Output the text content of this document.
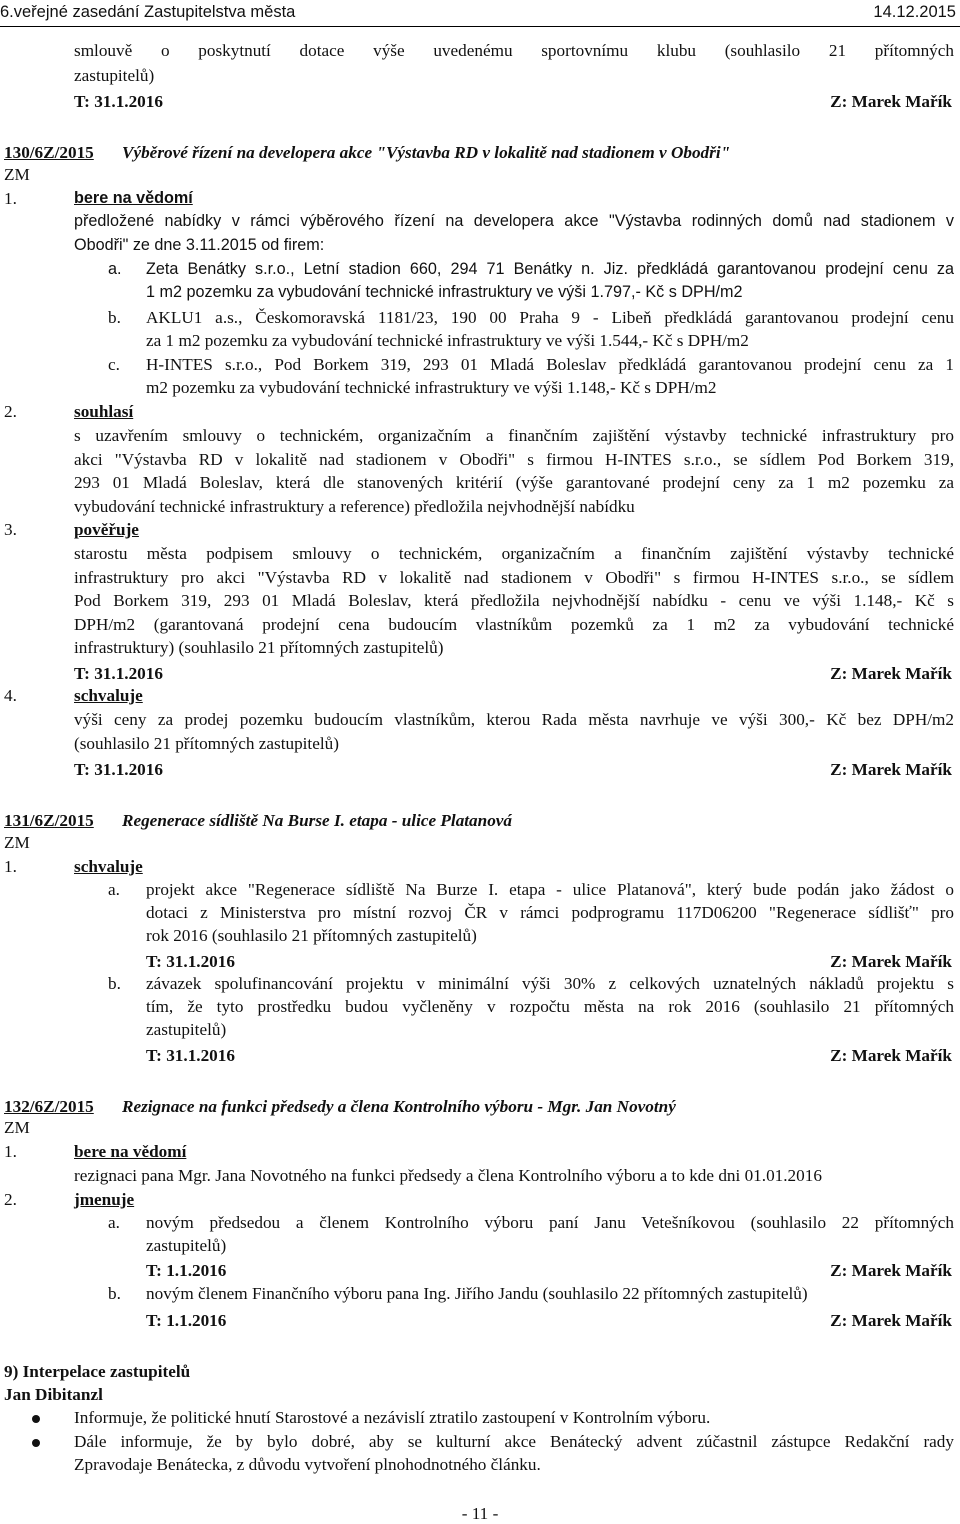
6.veřejné zasedání Zastupitelstva města	14.12.2015
smlouvě o poskytnutí dotace výše uvedenému sportovnímu klubu (souhlasilo 21 přítomných
zastupitelů)
T: 31.1.2016	Z: Marek Mařík
130/6Z/2015 Výběrové řízení na developera akce "Výstavba RD v lokalitě nad stadionem v Obodři"
ZM
1.	bere na vědomí
předložené nabídky v rámci výběrového řízení na developera akce "Výstavba rodinných domů nad stadionem v
Obodři" ze dne 3.11.2015 od firem:
a. Zeta Benátky s.r.o., Letní stadion 660, 294 71 Benátky n. Jiz. předkládá garantovanou prodejní cenu za
1 m2 pozemku za vybudování technické infrastruktury ve výši 1.797,- Kč s DPH/m2
b. AKLU1 a.s., Českomoravská 1181/23, 190 00 Praha 9 - Libeň předkládá garantovanou prodejní cenu
za 1 m2 pozemku za vybudování technické infrastruktury ve výši 1.544,- Kč s DPH/m2
c. H-INTES s.r.o., Pod Borkem 319, 293 01 Mladá Boleslav předkládá garantovanou prodejní cenu za 1
m2 pozemku za vybudování technické infrastruktury ve výši 1.148,- Kč s DPH/m2
2.	souhlasí
s uzavřením smlouvy o technickém, organizačním a finančním zajištění výstavby technické infrastruktury pro
akci "Výstavba RD v lokalitě nad stadionem v Obodři" s firmou H-INTES s.r.o., se sídlem Pod Borkem 319,
293 01 Mladá Boleslav, která dle stanovených kritérií (výše garantované prodejní ceny za 1 m2 pozemku za
vybudování technické infrastruktury a reference) předložila nejvhodnější nabídku
3.	pověřuje
starostu města podpisem smlouvy o technickém, organizačním a finančním zajištění výstavby technické
infrastruktury pro akci "Výstavba RD v lokalitě nad stadionem v Obodři" s firmou H-INTES s.r.o., se sídlem
Pod Borkem 319, 293 01 Mladá Boleslav, která předložila nejvhodnější nabídku - cenu ve výši 1.148,- Kč s
DPH/m2 (garantovaná prodejní cena budoucím vlastníkům pozemků za 1 m2 za vybudování technické
infrastruktury) (souhlasilo 21 přítomných zastupitelů)
T: 31.1.2016	Z: Marek Mařík
4.	schvaluje
výši ceny za prodej pozemku budoucím vlastníkům, kterou Rada města navrhuje ve výši 300,- Kč bez DPH/m2
(souhlasilo 21 přítomných zastupitelů)
T: 31.1.2016	Z: Marek Mařík
131/6Z/2015 Regenerace sídliště Na Burse I. etapa - ulice Platanová
ZM
1.	schvaluje
a. projekt akce "Regenerace sídliště Na Burze I. etapa - ulice Platanová", který bude podán jako žádost o
dotaci z Ministerstva pro místní rozvoj ČR v rámci podprogramu 117D06200 "Regenerace sídlišť" pro
rok 2016 (souhlasilo 21 přítomných zastupitelů)
T: 31.1.2016	Z: Marek Mařík
b. závazek spolufinancování projektu v minimální výši 30% z celkových uznatelných nákladů projektu s
tím, že tyto prostředku budou vyčleněny v rozpočtu města na rok 2016 (souhlasilo 21 přítomných
zastupitelů)
T: 31.1.2016	Z: Marek Mařík
132/6Z/2015 Rezignace na funkci předsedy a člena Kontrolního výboru - Mgr. Jan Novotný
ZM
1.	bere na vědomí
rezignaci pana Mgr. Jana Novotného na funkci předsedy a člena Kontrolního výboru a to kde dni 01.01.2016
2.	jmenuje
a. novým předsedou a členem Kontrolního výboru paní Janu Vetešníkovou (souhlasilo 22 přítomných
zastupitelů)
T: 1.1.2016	Z: Marek Mařík
b. novým členem Finančního výboru pana Ing. Jiřího Jandu (souhlasilo 22 přítomných zastupitelů)
T: 1.1.2016	Z: Marek Mařík
9) Interpelace zastupitelů
Jan Dibitanzl
Informuje, že politické hnutí Starostové a nezávislí ztratilo zastoupení v Kontrolním výboru.
Dále informuje, že by bylo dobré, aby se kulturní akce Benátecký advent zúčastnil zástupce Redakční rady
Zpravodaje Benátecka, z důvodu vytvoření plnohodnotného článku.
- 11 -
